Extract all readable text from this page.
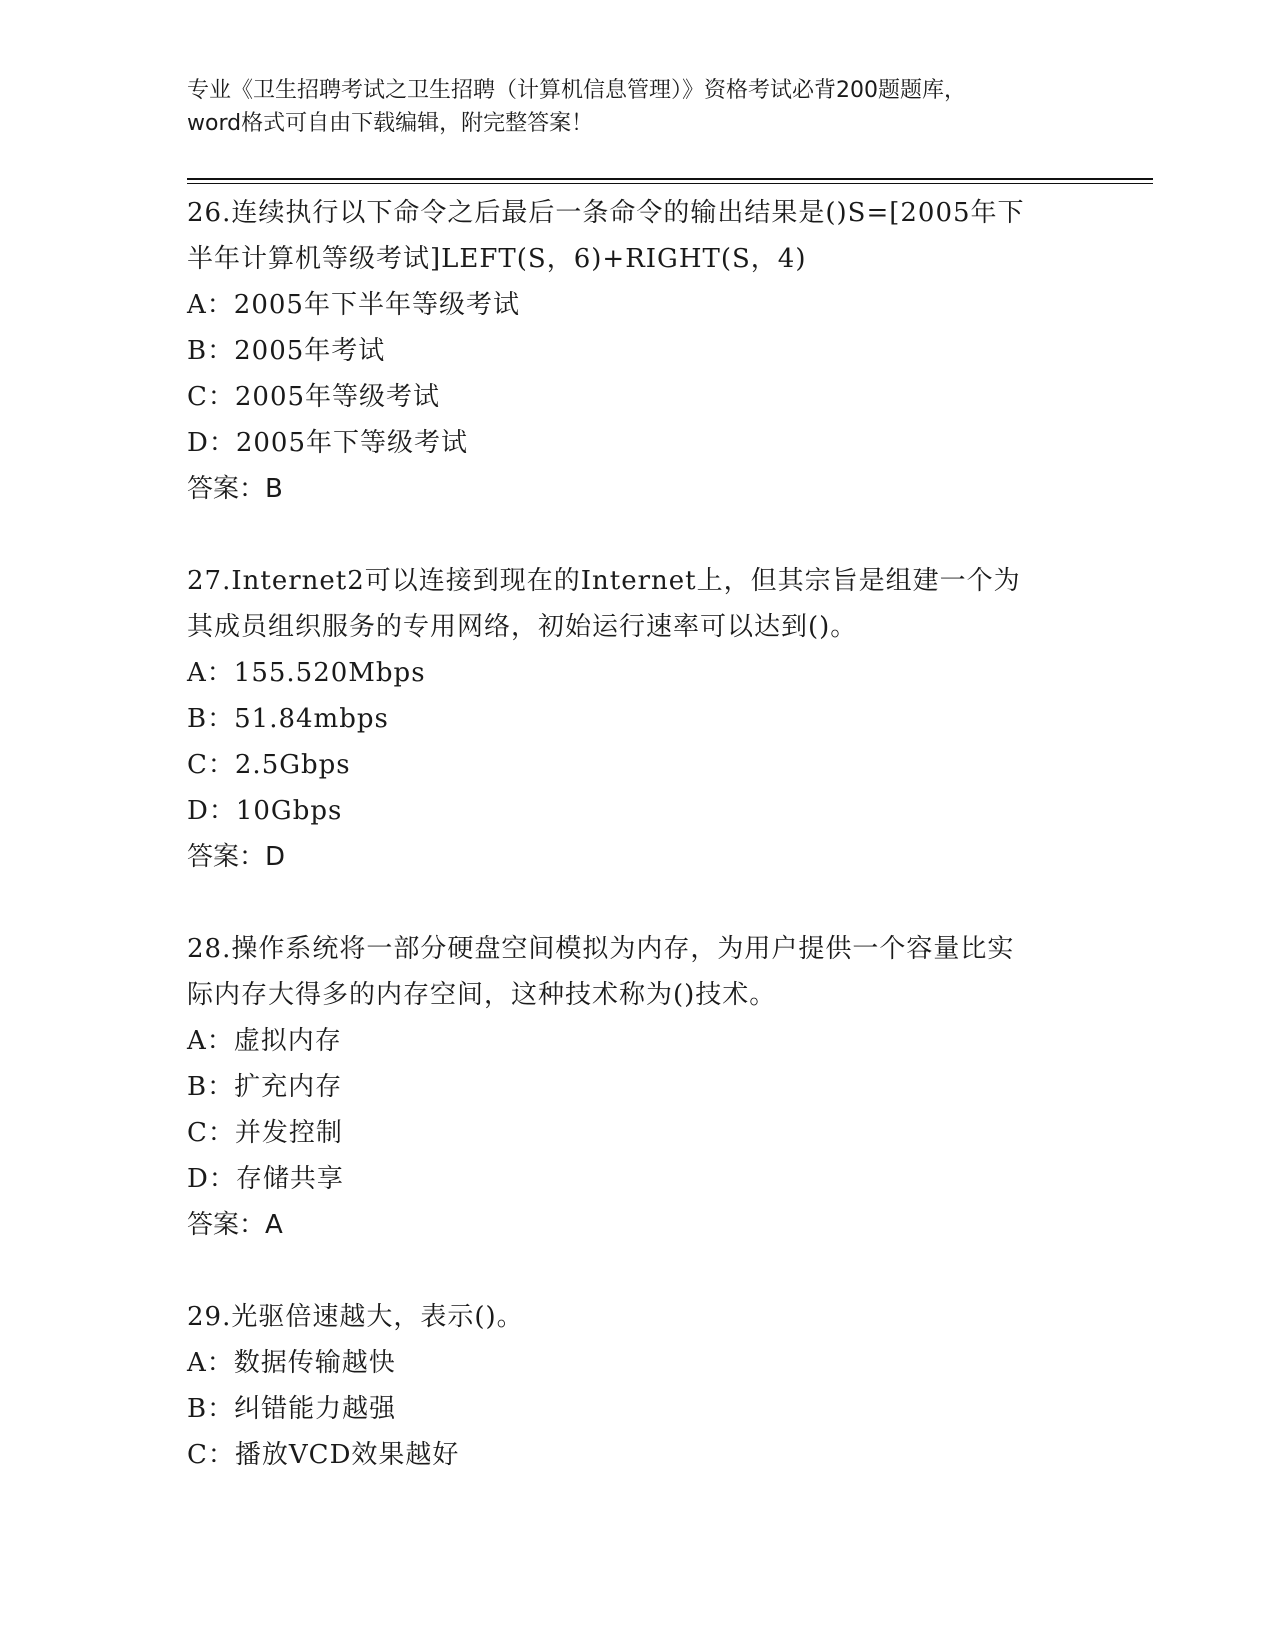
专业《卫生招聘考试之卫生招聘（计算机信息管理）》资格考试必背200题题库，
word格式可自由下载编辑，附完整答案！
26.连续执行以下命令之后最后一条命令的输出结果是()S=[2005年下
半年计算机等级考试]LEFT(S，6)+RIGHT(S，4)
A：2005年下半年等级考试
B：2005年考试
C：2005年等级考试
D：2005年下等级考试
答案：B
27.Internet2可以连接到现在的Internet上，但其宗旨是组建一个为
其成员组织服务的专用网络，初始运行速率可以达到()。
A：155.520Mbps
B：51.84mbps
C：2.5Gbps
D：10Gbps
答案：D
28.操作系统将一部分硬盘空间模拟为内存，为用户提供一个容量比实
际内存大得多的内存空间，这种技术称为()技术。
A：虚拟内存
B：扩充内存
C：并发控制
D：存储共享
答案：A
29.光驱倍速越大，表示()。
A：数据传输越快
B：纠错能力越强
C：播放VCD效果越好
